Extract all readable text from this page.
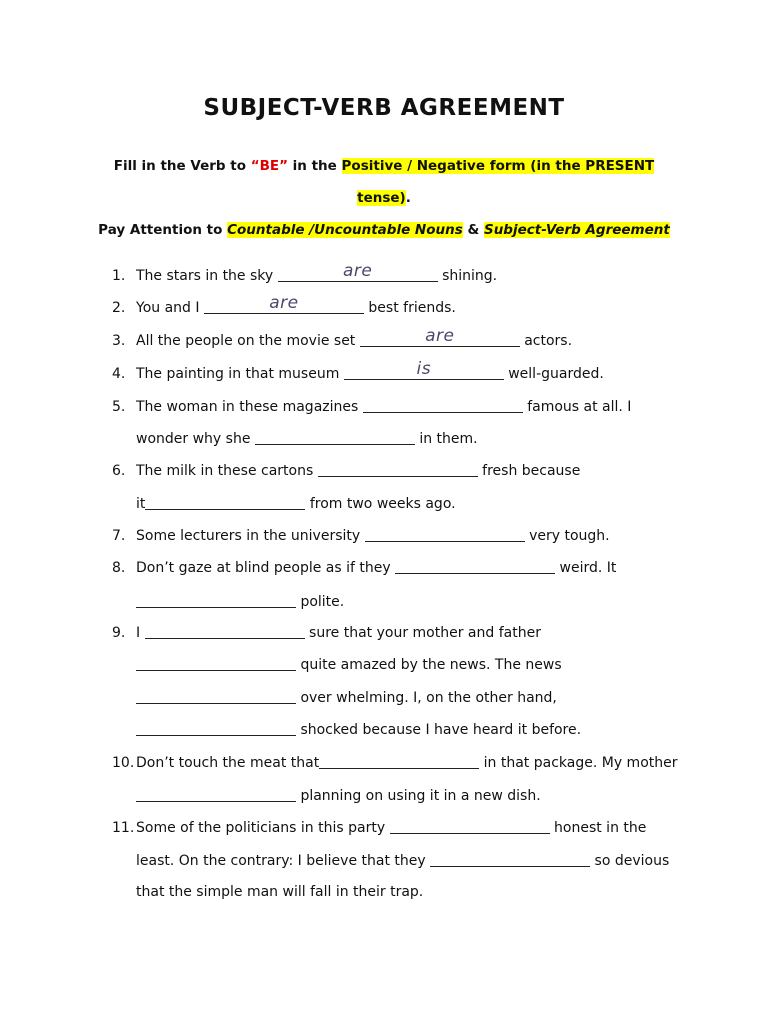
SUBJECT-VERB AGREEMENT
Fill in the Verb to “BE” in the Positive / Negative form (in the PRESENT
tense).
Pay Attention to Countable /Uncountable Nouns & Subject-Verb Agreement
1. The stars in the sky	are	shining.
2. You and I	are	best friends.
3. All the people on the movie set	are	actors.
4. The painting in that museum	is	well-guarded.
5. The woman in these magazines	famous at all. I
wonder why she	in them.
6. The milk in these cartons	fresh because
it	from two weeks ago.
7. Some lecturers in the university	very tough.
8. Don’t gaze at blind people as if they	weird. It
polite.
9. I	sure that your mother and father
quite amazed by the news. The news
over whelming. I, on the other hand,
shocked because I have heard it before.
10. Don’t touch the meat that	in that package. My mother
planning on using it in a new dish.
11. Some of the politicians in this party	honest in the
least. On the contrary: I believe that they	so devious
that the simple man will fall in their trap.
